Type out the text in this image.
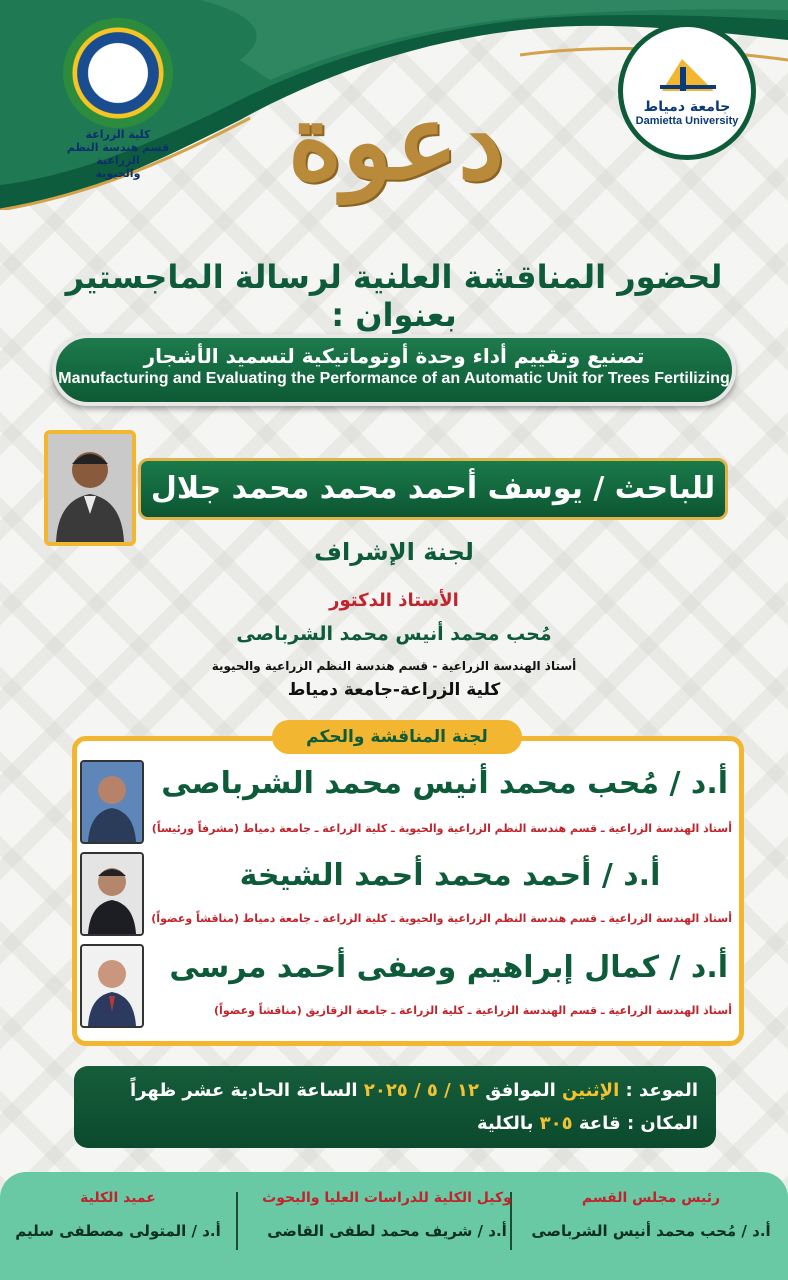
كلية الزراعة
قسم هندسة النظم الزراعية
والحيوية
جامعة دمياط
Damietta University
دعوة
لحضور المناقشة العلنية لرسالة الماجستير بعنوان :
تصنيع وتقييم أداء وحدة أوتوماتيكية لتسميد الأشجار
Manufacturing and Evaluating the Performance of an Automatic Unit for Trees Fertilizing
للباحث / يوسف أحمد محمد محمد جلال
لجنة الإشراف
الأستاذ الدكتور
مُحب محمد أنيس محمد الشرباصى
أستاذ الهندسة الزراعية - قسم هندسة النظم الزراعية والحيوية
كلية الزراعة-جامعة دمياط
لجنة المناقشة والحكم
أ.د / مُحب محمد أنيس محمد الشرباصى
أستاذ الهندسة الزراعية ـ قسم هندسة النظم الزراعية والحيوية ـ كلية الزراعة ـ جامعة دمياط (مشرفاً ورئيساً)
أ.د / أحمد محمد أحمد الشيخة
أستاذ الهندسة الزراعية ـ قسم هندسة النظم الزراعية والحيوية ـ كلية الزراعة ـ جامعة دمياط (مناقشاً وعضواً)
أ.د / كمال إبراهيم وصفى أحمد مرسى
أستاذ الهندسة الزراعية ـ قسم الهندسة الزراعية ـ كلية الزراعة ـ جامعة الزقازيق (مناقشاً وعضواً)
الموعد : الإثنين الموافق ١٢ / ٥ / ٢٠٢٥ الساعة الحادية عشر ظهراً
المكان : قاعة ٣٠٥ بالكلية
رئيس مجلس القسم
أ.د / مُحب محمد أنيس الشرباصى
وكيل الكلية للدراسات العليا والبحوث
أ.د / شريف محمد لطفى القاضى
عميد الكلية
أ.د / المتولى مصطفى سليم
